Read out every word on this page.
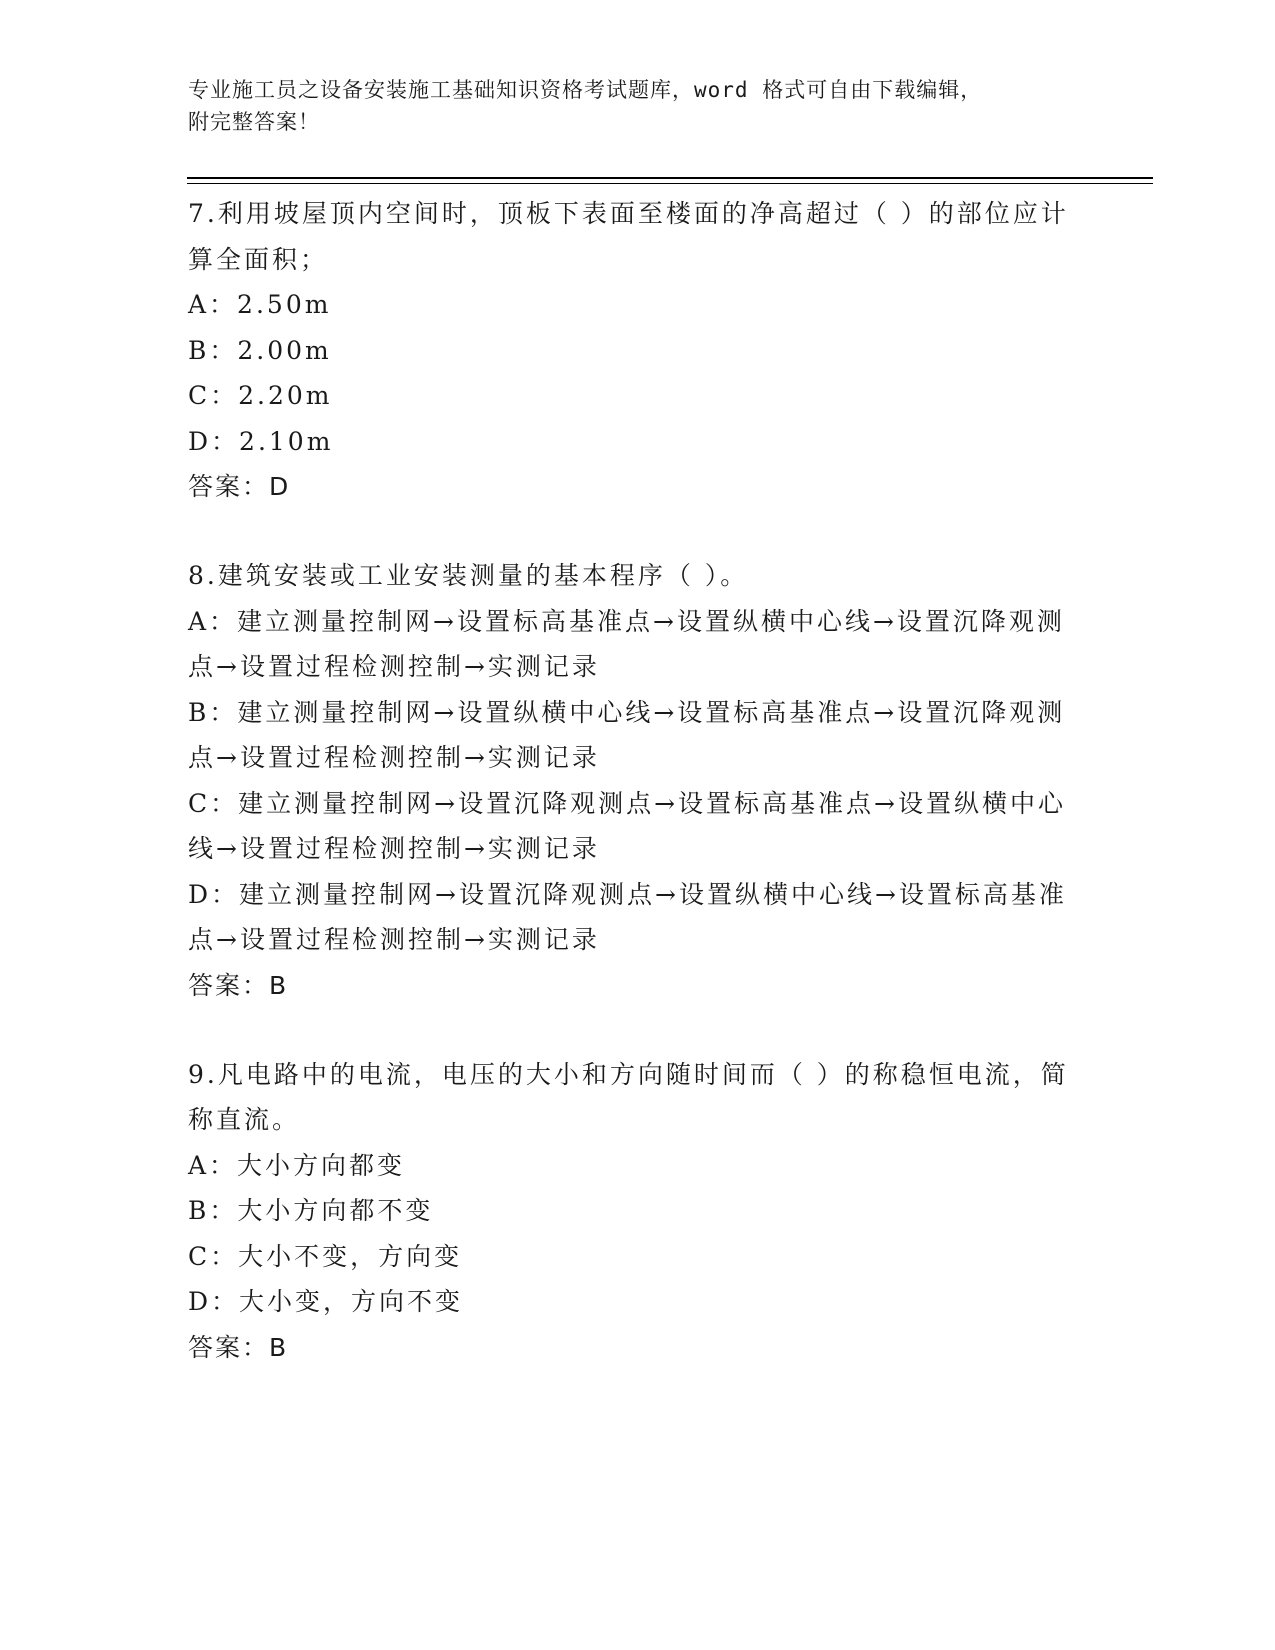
专业施工员之设备安装施工基础知识资格考试题库，word 格式可自由下载编辑，
附完整答案！

7.利用坡屋顶内空间时，顶板下表面至楼面的净高超过（ ）的部位应计算全面积；

A：2.50m

B：2.00m

C：2.20m

D：2.10m

答案：D

8.建筑安装或工业安装测量的基本程序（ ）。

A：建立测量控制网→设置标高基准点→设置纵横中心线→设置沉降观测点→设置过程检测控制→实测记录

B：建立测量控制网→设置纵横中心线→设置标高基准点→设置沉降观测点→设置过程检测控制→实测记录

C：建立测量控制网→设置沉降观测点→设置标高基准点→设置纵横中心线→设置过程检测控制→实测记录

D：建立测量控制网→设置沉降观测点→设置纵横中心线→设置标高基准点→设置过程检测控制→实测记录

答案：B

9.凡电路中的电流，电压的大小和方向随时间而（ ）的称稳恒电流，简称直流。

A：大小方向都变

B：大小方向都不变

C：大小不变，方向变

D：大小变，方向不变

答案：B
